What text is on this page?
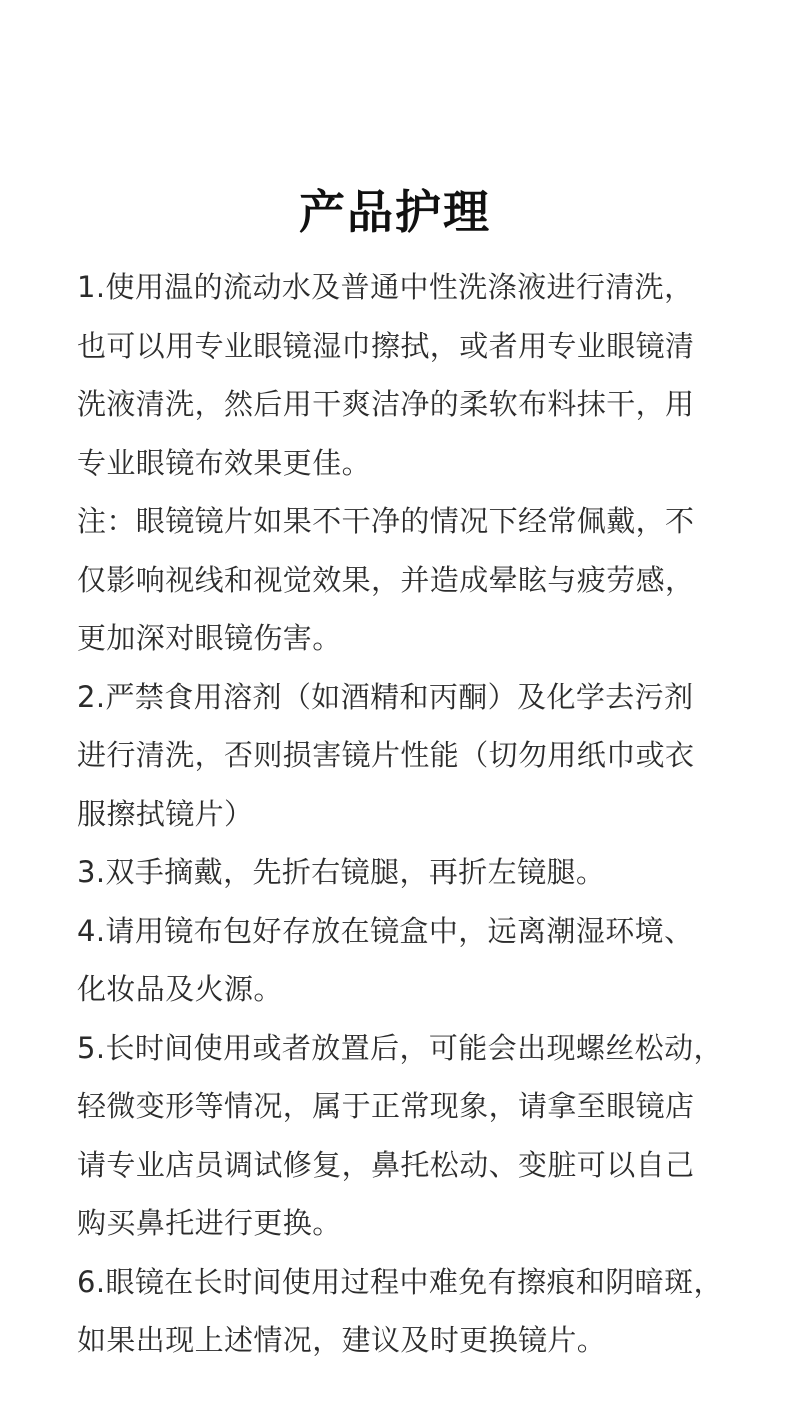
产品护理
1.使用温的流动水及普通中性洗涤液进行清洗，
也可以用专业眼镜湿巾擦拭，或者用专业眼镜清
洗液清洗，然后用干爽洁净的柔软布料抹干，用
专业眼镜布效果更佳。
注：眼镜镜片如果不干净的情况下经常佩戴，不
仅影响视线和视觉效果，并造成晕眩与疲劳感，
更加深对眼镜伤害。
2.严禁食用溶剂（如酒精和丙酮）及化学去污剂
进行清洗，否则损害镜片性能（切勿用纸巾或衣
服擦拭镜片）
3.双手摘戴，先折右镜腿，再折左镜腿。
4.请用镜布包好存放在镜盒中，远离潮湿环境、
化妆品及火源。
5.长时间使用或者放置后，可能会出现螺丝松动，
轻微变形等情况，属于正常现象，请拿至眼镜店
请专业店员调试修复，鼻托松动、变脏可以自己
购买鼻托进行更换。
6.眼镜在长时间使用过程中难免有擦痕和阴暗斑，
如果出现上述情况，建议及时更换镜片。
